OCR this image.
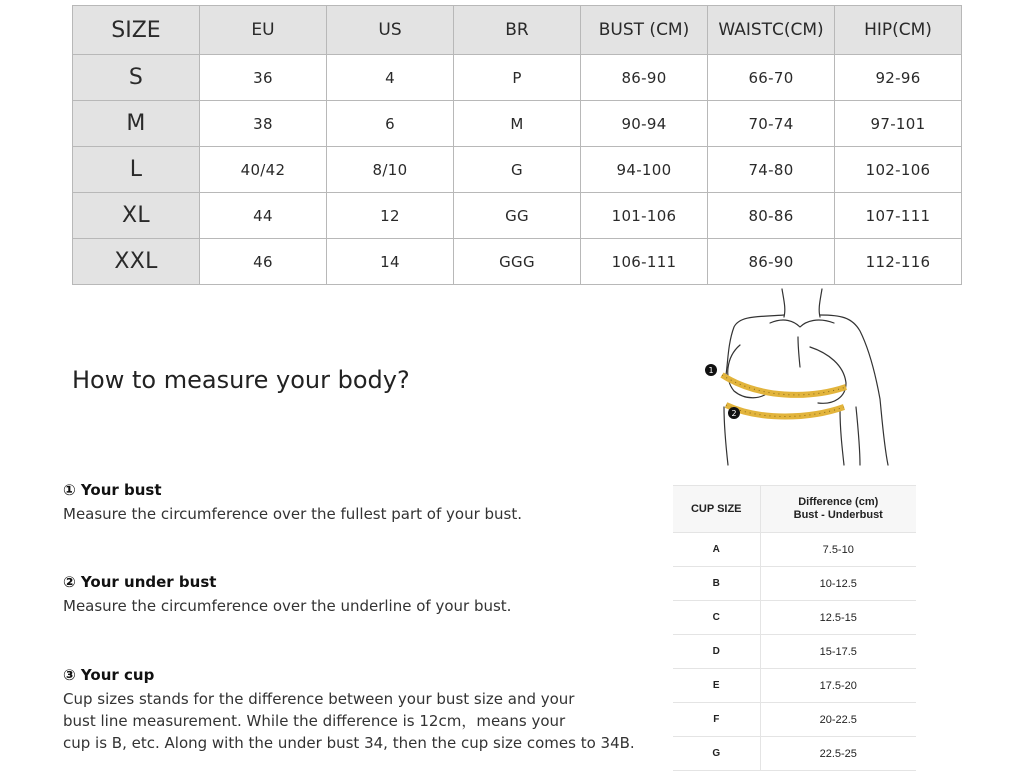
SIZE	EU	US	BR	BUST (CM)	WAISTⅭ(CM)	HIP(CM)
S	36	4	P	86-90	66-70	92-96
M	38	6	M	90-94	70-74	97-101
L	40/42	8/10	G	94-100	74-80	102-106
XL	44	12	GG	101-106	80-86	107-111
XXL	46	14	GGG	106-111	86-90	112-116
How to measure your body?

① Your bust

Measure the circumference over the fullest part of your bust.

② Your under bust

Measure the circumference over the underline of your bust.

③ Your cup

Cup sizes stands for the difference between your bust size and your

bust line measurement. While the difference is 12cm，means your

cup is B, etc. Along with the under bust 34, then the cup size comes to 34B.

1
2
CUP SIZE	Difference (cm)
Bust - Underbust

A	7.5-10
B	10-12.5
C	12.5-15
D	15-17.5
E	17.5-20
F	20-22.5
G	22.5-25
